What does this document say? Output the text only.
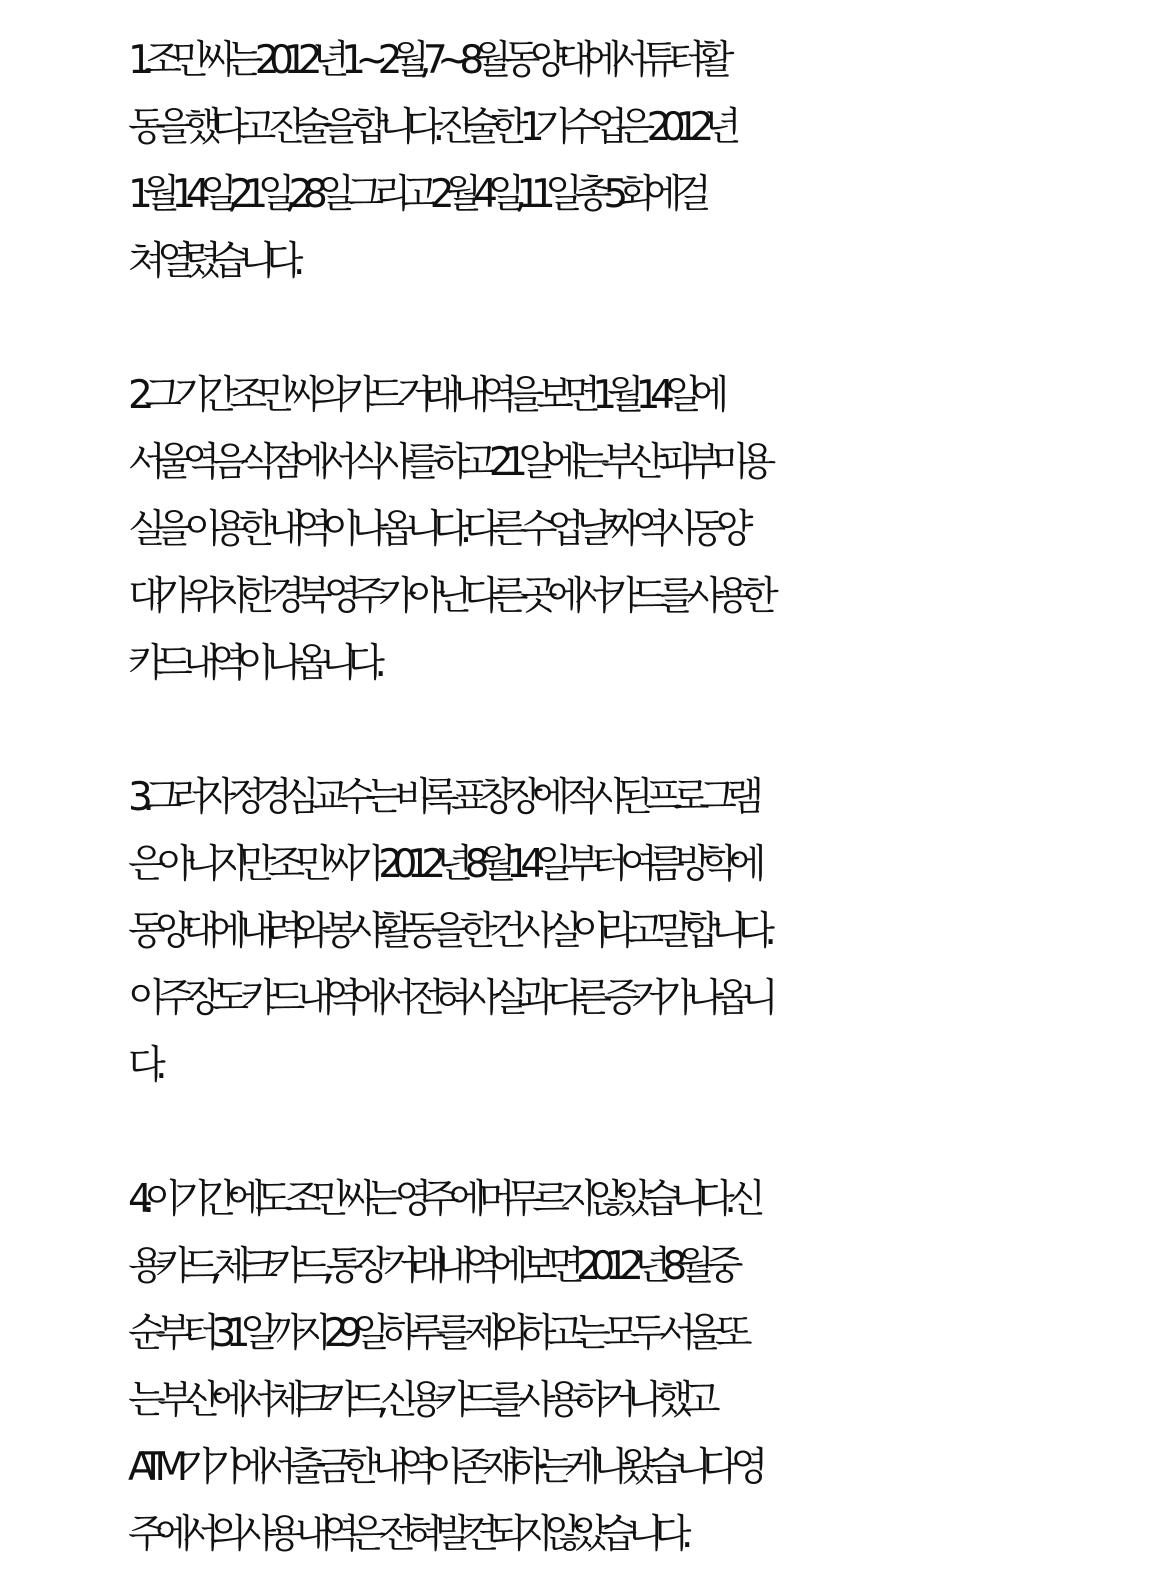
1.조민씨는 2012년 1~2월, 7~8월 동양대에서 튜터 활
동을 했다고 진술을 합니다. 진술한 1기 수업은 2012년
1월 14일,21일, 28일 그리고 2월 4일,11일 총 5회에 걸
쳐 열렸습니다.
2.그 기간 조민씨의 카드 거래 내역을 보면 1월 14일에
서울역 음식점에서 식사를 하고 21일에는 부산 피부미용
실을 이용한 내역이 나옵니다. 다른 수업 날짜 역시 동양
대가 위치한 경북 영주가 아닌 다른 곳에서 카드를 사용한
카드내역이 나옵니다.
3.그러자 정경심 교수는 비록 표창장에 적시된 프로그램
은 아니지만 조민씨가 2012년 8월14일 부터 여름방학에
동양대에 내려와 봉사활동을 한 건 사실이라고 말합니다.
이 주장도 카드 내역에서 전혀 사실과 다른 증거가 나옵니
다.
4.이 기간에도 조민씨는 영주에 머무르지 않았습니다. 신
용카드, 체크카드, 통장 거래내역에 보면 2012년 8월 중
순부터 31일까지 29일 하루를 제외하고는 모두 서울 또
는 부산에서 체크카드, 신용카드를 사용하거나 했고
ATM기기에서 출금한 내역이 존재하는게 나왔습니다 영
주에서의 사용 내역은 전혀 발견되지 않았습니다.
